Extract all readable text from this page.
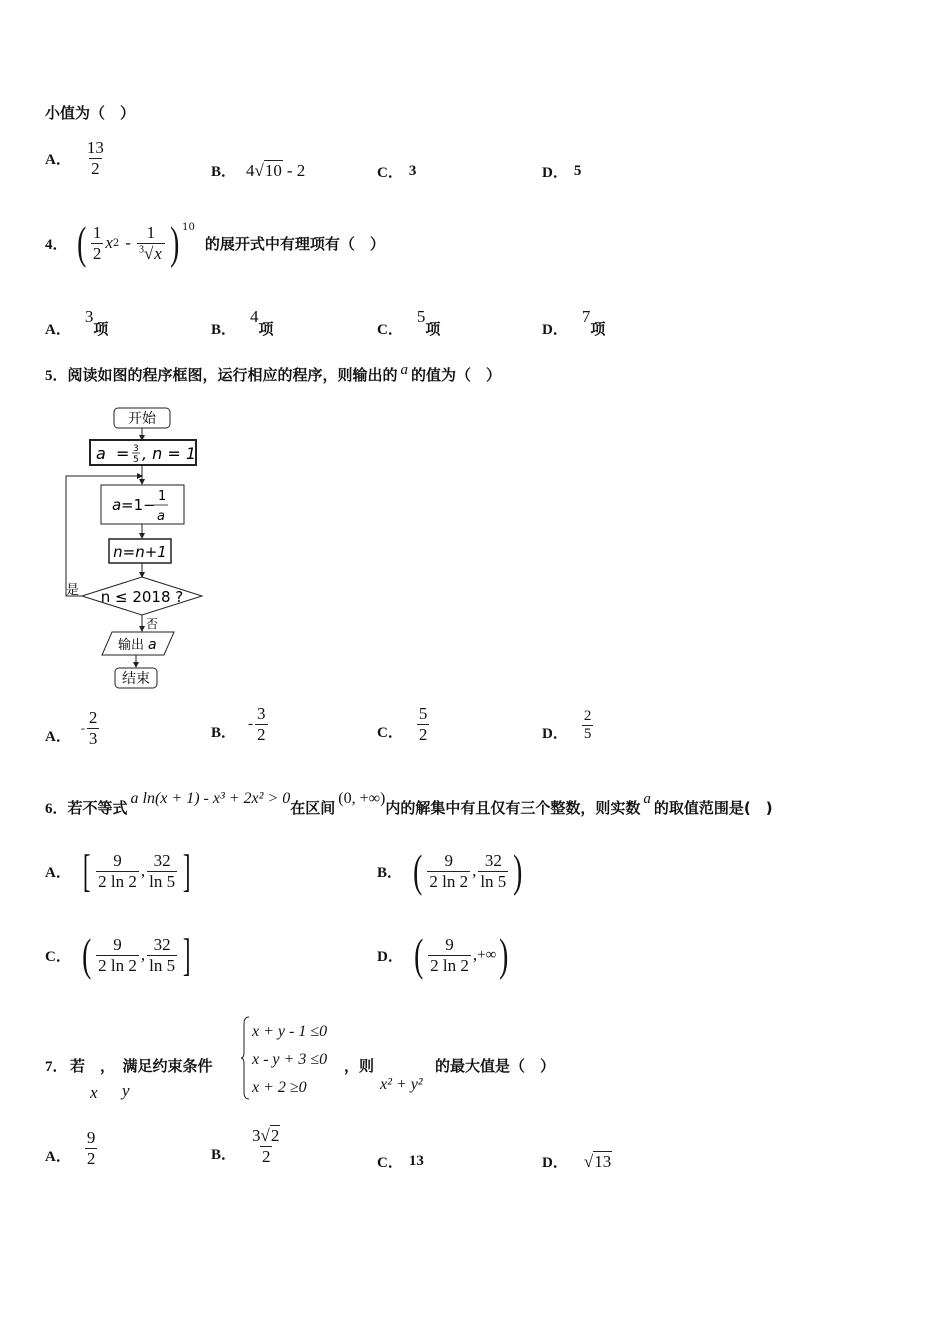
小值为（　）
A． $\frac{13}{2}$	B． 4 √ 10 - 2	C． 3	D． 5
4． ( $\frac{1}{2}$ x $2 - \frac{1}{^3√x}$ ) 10
的展开式中有理项有（　）
A．
3
项	B．
4
项	C．
5
项	D．
7
项
5． 阅读如图的程序框图，运行相应的程序，则输出的 a 的值为（　）
开始
a = 3
5 , n = 1
a =1− 1
a
n=n+1
n ≤ 2018 ?
是
否
输出 a
结束
A．
- $\frac{2}{3}$	B．
- $\frac{3}{2}$	C． $\frac{5}{2}$	D． $\frac{2}{5}$
6． 若不等式
a ln(x + 1) - x³ + 2x² > 0
在区间
(0, +∞)
内的解集中有且仅有三个整数，则实数 a 的取值范围是(　)
A． [ $\frac{9}{2 \ln 2}$ , $\frac{32}{\ln 5}$ ]	B． ( $\frac{9}{2 \ln 2}$ , $\frac{32}{\ln 5}$ )
C． ( $\frac{9}{2 \ln 2}$ , $\frac{32}{\ln 5}$ ]	D． ( $\frac{9}{2 \ln 2}$ , +∞ )
7． 若　，　满足约束条件
x y
x + y - 1 ≤0
x - y + 3 ≤0
x + 2 ≥0
，则
x² + y²
的最大值是（　）
A． $\frac{9}{2}$	B． $\frac{3√2}{2}$	C． 13	D． √ 13
